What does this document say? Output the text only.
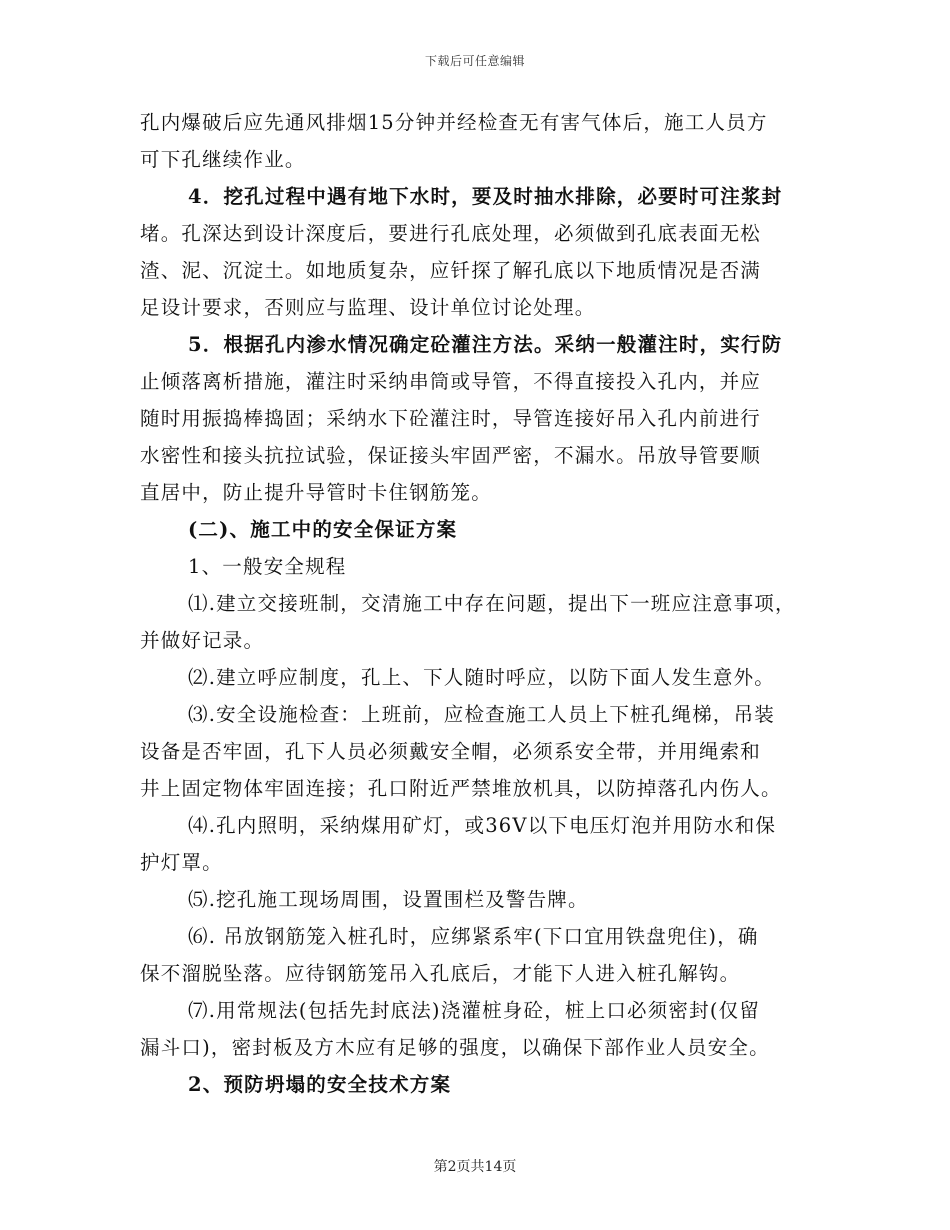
下载后可任意编辑
孔内爆破后应先通风排烟15分钟并经检查无有害气体后，施工人员方
可下孔继续作业。
4．挖孔过程中遇有地下水时，要及时抽水排除，必要时可注浆封
堵。孔深达到设计深度后，要进行孔底处理，必须做到孔底表面无松
渣、泥、沉淀土。如地质复杂，应钎探了解孔底以下地质情况是否满
足设计要求，否则应与监理、设计单位讨论处理。
5．根据孔内渗水情况确定砼灌注方法。采纳一般灌注时，实行防
止倾落离析措施，灌注时采纳串筒或导管，不得直接投入孔内，并应
随时用振捣棒捣固；采纳水下砼灌注时，导管连接好吊入孔内前进行
水密性和接头抗拉试验，保证接头牢固严密，不漏水。吊放导管要顺
直居中，防止提升导管时卡住钢筋笼。
(二)、施工中的安全保证方案
1、一般安全规程
⑴.建立交接班制，交清施工中存在问题，提出下一班应注意事项，
并做好记录。
⑵.建立呼应制度，孔上、下人随时呼应，以防下面人发生意外。
⑶.安全设施检查：上班前，应检查施工人员上下桩孔绳梯，吊装
设备是否牢固，孔下人员必须戴安全帽，必须系安全带，并用绳索和
井上固定物体牢固连接；孔口附近严禁堆放机具，以防掉落孔内伤人。
⑷.孔内照明，采纳煤用矿灯，或36V以下电压灯泡并用防水和保
护灯罩。
⑸.挖孔施工现场周围，设置围栏及警告牌。
⑹. 吊放钢筋笼入桩孔时，应绑紧系牢(下口宜用铁盘兜住)，确
保不溜脱坠落。应待钢筋笼吊入孔底后，才能下人进入桩孔解钩。
⑺.用常规法(包括先封底法)浇灌桩身砼，桩上口必须密封(仅留
漏斗口)，密封板及方木应有足够的强度，以确保下部作业人员安全。
2、预防坍塌的安全技术方案
第2页共14页
